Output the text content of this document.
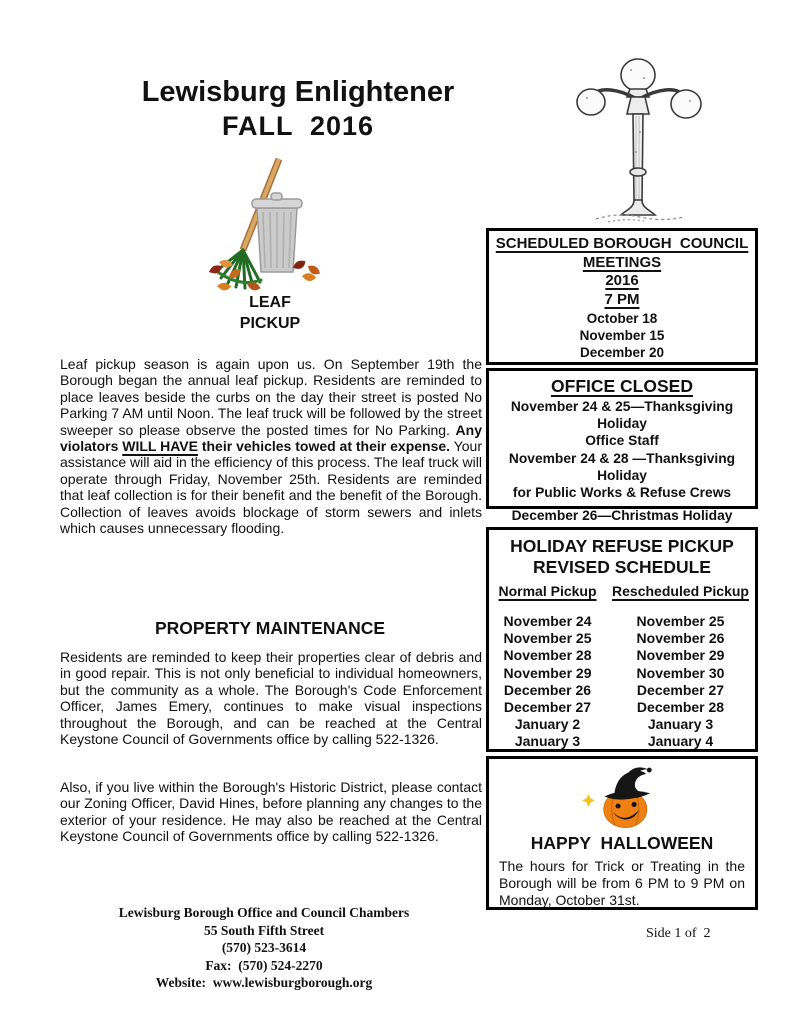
Lewisburg Enlightener
FALL  2016
LEAF
PICKUP

Leaf pickup season is again upon us. On September 19th the Borough began the annual leaf pickup. Residents are reminded to place leaves beside the curbs on the day their street is posted No Parking 7 AM until Noon. The leaf truck will be followed by the street sweeper so please observe the posted times for No Parking. Any violators WILL HAVE their vehicles towed at their expense. Your assistance will aid in the efficiency of this process. The leaf truck will operate through Friday, November 25th. Residents are reminded that leaf collection is for their benefit and the benefit of the Borough. Collection of leaves avoids blockage of storm sewers and inlets which causes unnecessary flooding.

PROPERTY MAINTENANCE

Residents are reminded to keep their properties clear of debris and in good repair. This is not only beneficial to individual homeowners, but the community as a whole. The Borough's Code Enforcement Officer, James Emery, continues to make visual inspections throughout the Borough, and can be reached at the Central Keystone Council of Governments office by calling 522-1326.

Also, if you live within the Borough's Historic District, please contact our Zoning Officer, David Hines, before planning any changes to the exterior of your residence. He may also be reached at the Central Keystone Council of Governments office by calling 522-1326.

Lewisburg Borough Office and Council Chambers
55 South Fifth Street
(570) 523-3614
Fax:  (570) 524-2270
Website:  www.lewisburgborough.org
SCHEDULED BOROUGH  COUNCIL
MEETINGS
2016
7 PM
October 18
November 15
December 20
OFFICE CLOSED
November 24 & 25—Thanksgiving  Holiday
Office Staff
November 24 & 28 —Thanksgiving Holiday
for Public Works & Refuse Crews
December 26—Christmas Holiday
HOLIDAY REFUSE PICKUP
REVISED SCHEDULE
Normal Pickup	Rescheduled Pickup
November 24	November 25
November 25	November 26
November 28	November 29
November 29	November 30
December 26	December 27
December 27	December 28
January 2	January 3
January 3	January 4
HAPPY  HALLOWEEN

The hours for Trick or Treating in the Borough will be from 6 PM to 9 PM on Monday, October 31st.

Side 1 of  2
